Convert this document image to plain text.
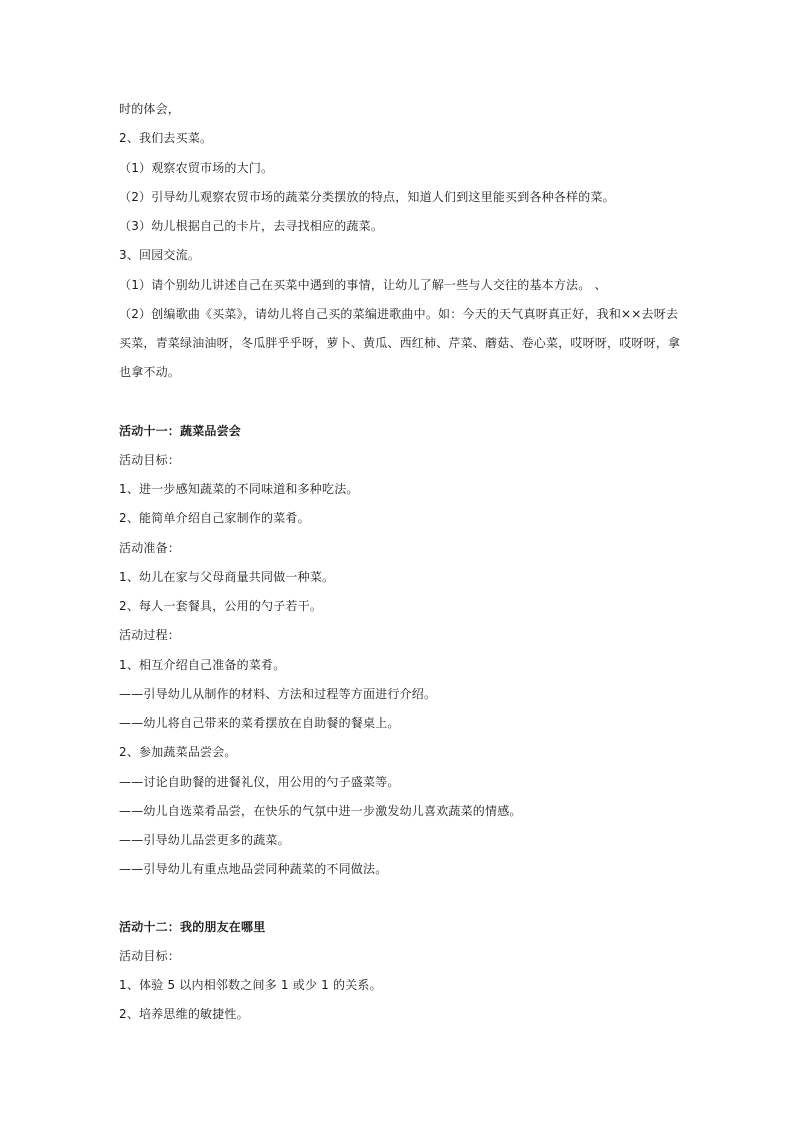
时的体会，
2、我们去买菜。
（1）观察农贸市场的大门。
（2）引导幼儿观察农贸市场的蔬菜分类摆放的特点，知道人们到这里能买到各种各样的菜。
（3）幼儿根据自己的卡片，去寻找相应的蔬菜。
3、回园交流。
（1）请个别幼儿讲述自己在买菜中遇到的事情，让幼儿了解一些与人交往的基本方法。 、
（2）创编歌曲《买菜》，请幼儿将自己买的菜编进歌曲中。如：今天的天气真呀真正好，我和××去呀去
买菜，青菜绿油油呀，冬瓜胖乎乎呀，萝卜、黄瓜、西红柿、芹菜、蘑菇、卷心菜，哎呀呀，哎呀呀，拿
也拿不动。
活动十一：蔬菜品尝会
活动目标：
1、进一步感知蔬菜的不同味道和多种吃法。
2、能简单介绍自己家制作的菜肴。
活动准备：
1、幼儿在家与父母商量共同做一种菜。
2、每人一套餐具，公用的勺子若干。
活动过程：
1、相互介绍自己准备的菜肴。
——引导幼儿从制作的材料、方法和过程等方面进行介绍。
——幼儿将自己带来的菜肴摆放在自助餐的餐桌上。
2、参加蔬菜品尝会。
——讨论自助餐的进餐礼仪，用公用的勺子盛菜等。
——幼儿自选菜肴品尝，在快乐的气氛中进一步激发幼儿喜欢蔬菜的情感。
——引导幼儿品尝更多的蔬菜。
——引导幼儿有重点地品尝同种蔬菜的不同做法。
活动十二：我的朋友在哪里
活动目标：
1、体验 5 以内相邻数之间多 1 或少 1 的关系。
2、培养思维的敏捷性。
